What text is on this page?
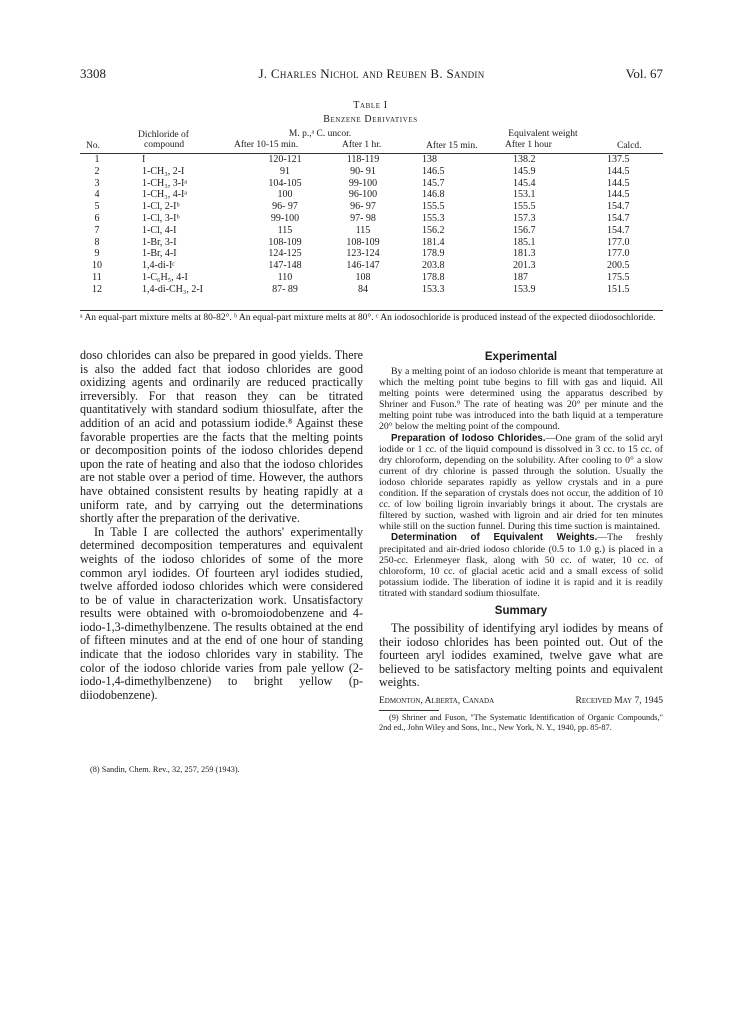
3308	J. Charles Nichol and Reuben B. Sandin	Vol. 67
Table I
Benzene Derivatives
No.
Dichloride of
compound
M. p.,ᵃ C. uncor.
After 10-15 min.	After 1 hr.
Equivalent weight
After 15 min.	After 1 hour	Calcd.
1	I	120-121	118-119	138	138.2	137.5
2	1-CH₃, 2-I	91	90- 91	146.5	145.9	144.5
3	1-CH₃, 3-Iᵃ	104-105	99-100	145.7	145.4	144.5
4	1-CH₃, 4-Iᵃ	100	96-100	146.8	153.1	144.5
5	1-Cl, 2-Iᵇ	96- 97	96- 97	155.5	155.5	154.7
6	1-Cl, 3-Iᵇ	99-100	97- 98	155.3	157.3	154.7
7	1-Cl, 4-I	115	115	156.2	156.7	154.7
8	1-Br, 3-I	108-109	108-109	181.4	185.1	177.0
9	1-Br, 4-I	124-125	123-124	178.9	181.3	177.0
10	1,4-di-Iᶜ	147-148	146-147	203.8	201.3	200.5
11	1-C₆H₅, 4-I	110	108	178.8	187	175.5
12	1,4-di-CH₃, 2-I	87- 89	84	153.3	153.9	151.5
ᵃ An equal-part mixture melts at 80-82°. ᵇ An equal-part mixture melts at 80°. ᶜ An iodosochloride is produced instead of the expected diiodosochloride.

doso chlorides can also be prepared in good yields. There is also the added fact that iodoso chlorides are good oxidizing agents and ordinarily are reduced practically irreversibly. For that reason they can be titrated quantitatively with standard sodium thiosulfate, after the addition of an acid and potassium iodide.⁸ Against these favorable properties are the facts that the melting points or decomposition points of the iodoso chlorides depend upon the rate of heating and also that the iodoso chlorides are not stable over a period of time. However, the authors have obtained consistent results by heating rapidly at a uniform rate, and by carrying out the determinations shortly after the preparation of the derivative.

In Table I are collected the authors' experimentally determined decomposition temperatures and equivalent weights of the iodoso chlorides of some of the more common aryl iodides. Of fourteen aryl iodides studied, twelve afforded iodoso chlorides which were considered to be of value in characterization work. Unsatisfactory results were obtained with o-bromoiodobenzene and 4-iodo-1,3-dimethylbenzene. The results obtained at the end of fifteen minutes and at the end of one hour of standing indicate that the iodoso chlorides vary in stability. The color of the iodoso chloride varies from pale yellow (2-iodo-1,4-dimethylbenzene) to bright yellow (p-diiodobenzene).

(8) Sandin, Chem. Rev., 32, 257, 259 (1943).

Experimental

By a melting point of an iodoso chloride is meant that temperature at which the melting point tube begins to fill with gas and liquid. All melting points were determined using the apparatus described by Shriner and Fuson.⁹ The rate of heating was 20° per minute and the melting point tube was introduced into the bath liquid at a temperature 20° below the melting point of the compound.

Preparation of Iodoso Chlorides.—One gram of the solid aryl iodide or 1 cc. of the liquid compound is dissolved in 3 cc. to 15 cc. of dry chloroform, depending on the solubility. After cooling to 0° a slow current of dry chlorine is passed through the solution. Usually the iodoso chloride separates rapidly as yellow crystals and in a pure condition. If the separation of crystals does not occur, the addition of 10 cc. of low boiling ligroin invariably brings it about. The crystals are filtered by suction, washed with ligroin and air dried for ten minutes while still on the suction funnel. During this time suction is maintained.

Determination of Equivalent Weights.—The freshly precipitated and air-dried iodoso chloride (0.5 to 1.0 g.) is placed in a 250-cc. Erlenmeyer flask, along with 50 cc. of water, 10 cc. of chloroform, 10 cc. of glacial acetic acid and a small excess of solid potassium iodide. The liberation of iodine it is rapid and it is readily titrated with standard sodium thiosulfate.

Summary

The possibility of identifying aryl iodides by means of their iodoso chlorides has been pointed out. Out of the fourteen aryl iodides examined, twelve gave what are believed to be satisfactory melting points and equivalent weights.

Edmonton, Alberta, Canada	Received May 7, 1945

(9) Shriner and Fuson, "The Systematic Identification of Organic Compounds," 2nd ed., John Wiley and Sons, Inc., New York, N. Y., 1940, pp. 85-87.
